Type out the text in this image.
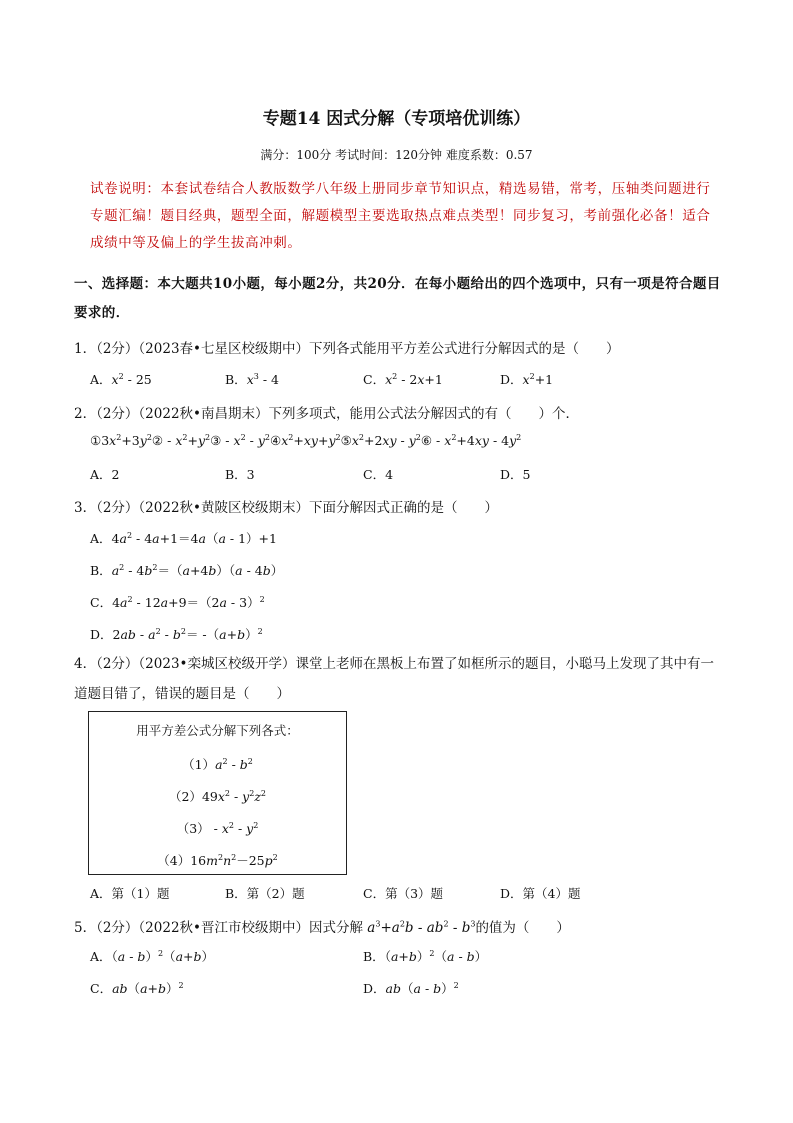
专题14 因式分解（专项培优训练）
满分：100分 考试时间：120分钟 难度系数：0.57
试卷说明：本套试卷结合人教版数学八年级上册同步章节知识点，精选易错，常考，压轴类问题进行专题汇编！题目经典，题型全面，解题模型主要选取热点难点类型！同步复习，考前强化必备！适合成绩中等及偏上的学生拔高冲刺。
一、选择题：本大题共10小题，每小题2分，共20分．在每小题给出的四个选项中，只有一项是符合题目要求的．
1．（2分）（2023春•七星区校级期中）下列各式能用平方差公式进行分解因式的是（　　）
A．$x^2 - 25$	B．$x^3 - 4$	C．$x^2 - 2x+1$	D．$x^2+1$
2．（2分）（2022秋•南昌期末）下列多项式，能用公式法分解因式的有（　　）个．
$①3x^2+3y^2②$ - $x^2+y^2③ - x^2$ - $y^2④x^2+xy+y^2⑤x^2+2xy$ - $y^2⑥ - x^2+4xy - 4y^2$
A．2	B．3	C．4	D．5
3．（2分）（2022秋•黄陂区校级期末）下面分解因式正确的是（　　）
A．$4a^2 - 4a+1=4a(a - 1)+1$
B．$a^2 - 4b^2=(a+4b)(a - 4b)$
C．$4a^2 - 12a+9=(2a - 3)^2$
D．$2ab - a^2 - b^2= -(a+b)^2$
4．（2分）（2023•栾城区校级开学）课堂上老师在黑板上布置了如框所示的题目，小聪马上发现了其中有一道题目错了，错误的题目是（　　）
用平方差公式分解下列各式：
$(1)a^2 - b^2$
$(2)49x^2 - y^2z^2$
$(3) - x^2 - y^2$
$(4)16m^2n^2-25p^2$
A．第（1）题	B．第（2）题	C．第（3）题	D．第（4）题
5．（2分）（2022秋•晋江市校级期中）因式分解 $a^3+a^2b - ab^2 - b^3$的值为（　　）
A．（a - b）$^2$（a+b）	B．$(a+b)^2(a - b)$
C．$ab(a+b)^2$	D．ab（a - b）$^2$
